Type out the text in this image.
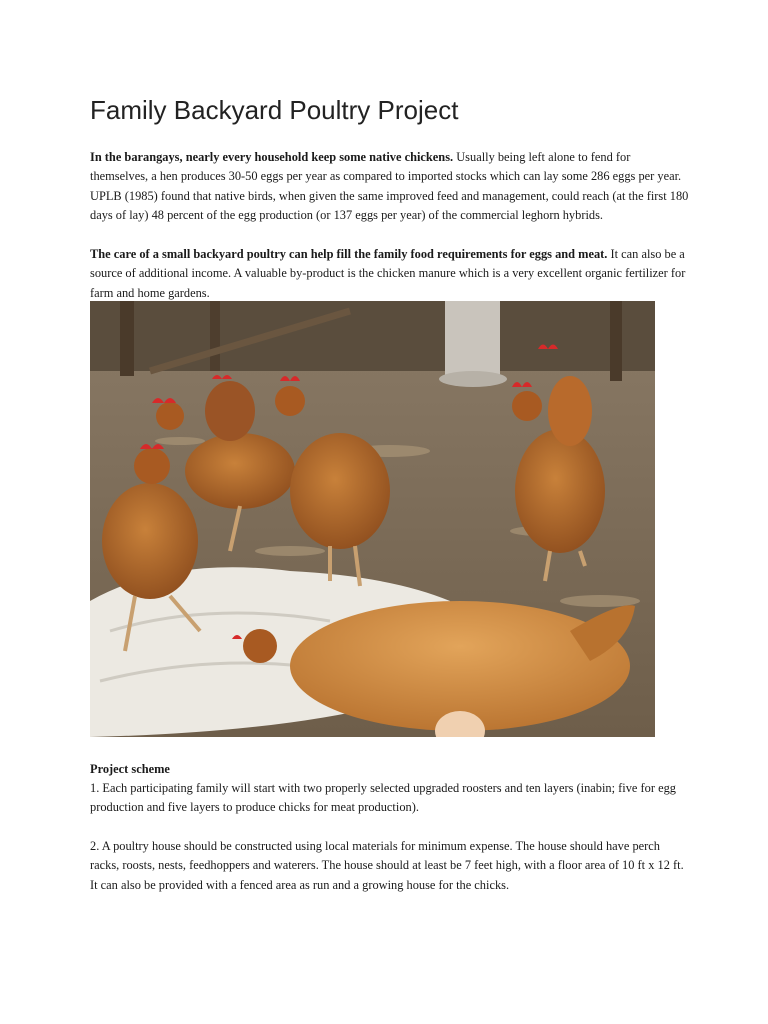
Family Backyard Poultry Project

In the barangays, nearly every household keep some native chickens. Usually being left alone to fend for themselves, a hen produces 30-50 eggs per year as compared to imported stocks which can lay some 286 eggs per year. UPLB (1985) found that native birds, when given the same improved feed and management, could reach (at the first 180 days of lay) 48 percent of the egg production (or 137 eggs per year) of the commercial leghorn hybrids.

The care of a small backyard poultry can help fill the family food requirements for eggs and meat. It can also be a source of additional income. A valuable by-product is the chicken manure which is a very excellent organic fertilizer for farm and home gardens.

Project scheme

1. Each participating family will start with two properly selected upgraded roosters and ten layers (inabin; five for egg production and five layers to produce chicks for meat production).

2. A poultry house should be constructed using local materials for minimum expense. The house should have perch racks, roosts, nests, feedhoppers and waterers. The house should at least be 7 feet high, with a floor area of 10 ft x 12 ft. It can also be provided with a fenced area as run and a growing house for the chicks.
